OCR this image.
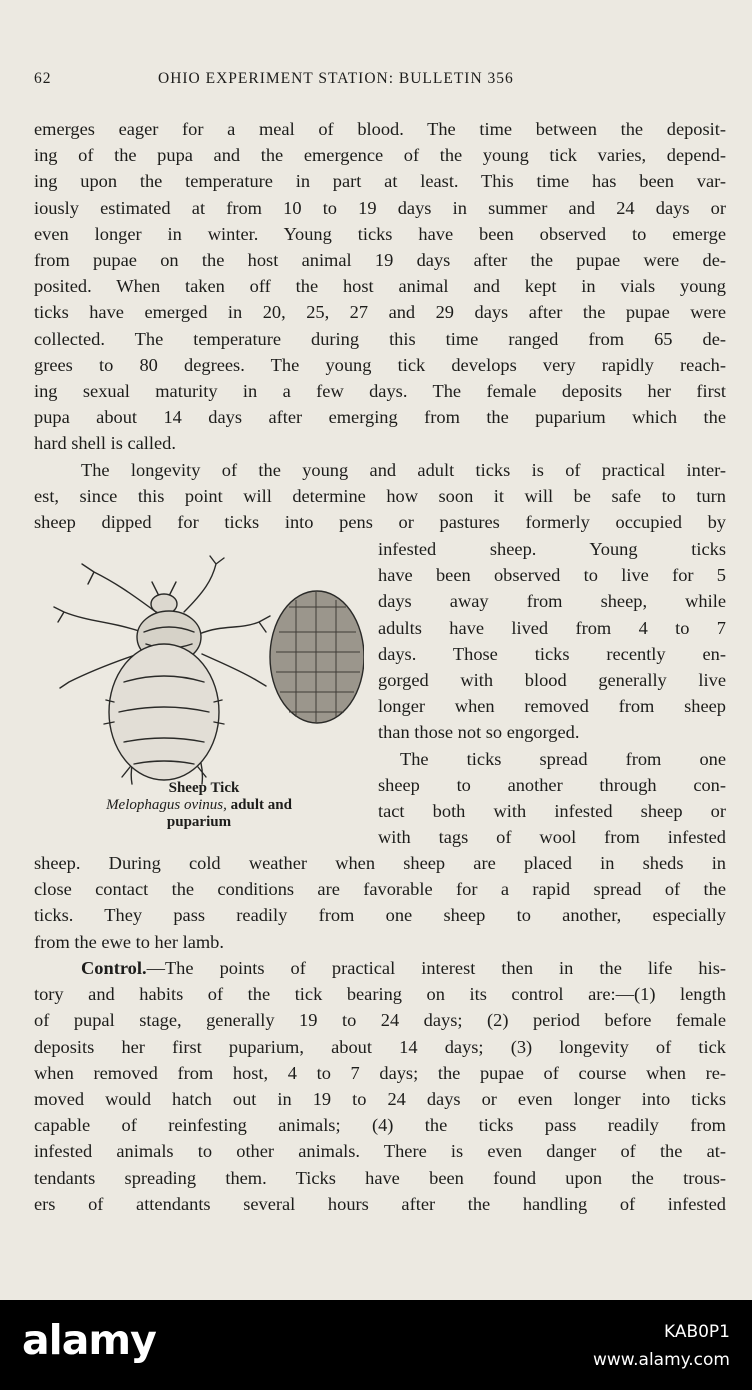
62	OHIO EXPERIMENT STATION: BULLETIN 356
emerges eager for a meal of blood. The time between the deposit-
ing of the pupa and the emergence of the young tick varies, depend-
ing upon the temperature in part at least. This time has been var-
iously estimated at from 10 to 19 days in summer and 24 days or
even longer in winter. Young ticks have been observed to emerge
from pupae on the host animal 19 days after the pupae were de-
posited. When taken off the host animal and kept in vials young
ticks have emerged in 20, 25, 27 and 29 days after the pupae were
collected. The temperature during this time ranged from 65 de-
grees to 80 degrees. The young tick develops very rapidly reach-
ing sexual maturity in a few days. The female deposits her first
pupa about 14 days after emerging from the puparium which the
hard shell is called.
The longevity of the young and adult ticks is of practical inter-
est, since this point will determine how soon it will be safe to turn
sheep dipped for ticks into pens or pastures formerly occupied by
infested sheep. Young ticks
have been observed to live for 5
days away from sheep, while
adults have lived from 4 to 7
days. Those ticks recently en-
gorged with blood generally live
longer when removed from sheep
than those not so engorged.
The ticks spread from one
sheep to another through con-
tact both with infested sheep or
with tags of wool from infested
Sheep Tick
Melophagus ovinus, adult and
puparium
sheep. During cold weather when sheep are placed in sheds in
close contact the conditions are favorable for a rapid spread of the
ticks. They pass readily from one sheep to another, especially
from the ewe to her lamb.
Control.—The points of practical interest then in the life his-
tory and habits of the tick bearing on its control are:—(1) length
of pupal stage, generally 19 to 24 days; (2) period before female
deposits her first puparium, about 14 days; (3) longevity of tick
when removed from host, 4 to 7 days; the pupae of course when re-
moved would hatch out in 19 to 24 days or even longer into ticks
capable of reinfesting animals; (4) the ticks pass readily from
infested animals to other animals. There is even danger of the at-
tendants spreading them. Ticks have been found upon the trous-
ers of attendants several hours after the handling of infested
alamy	KAB0P1
www.alamy.com
